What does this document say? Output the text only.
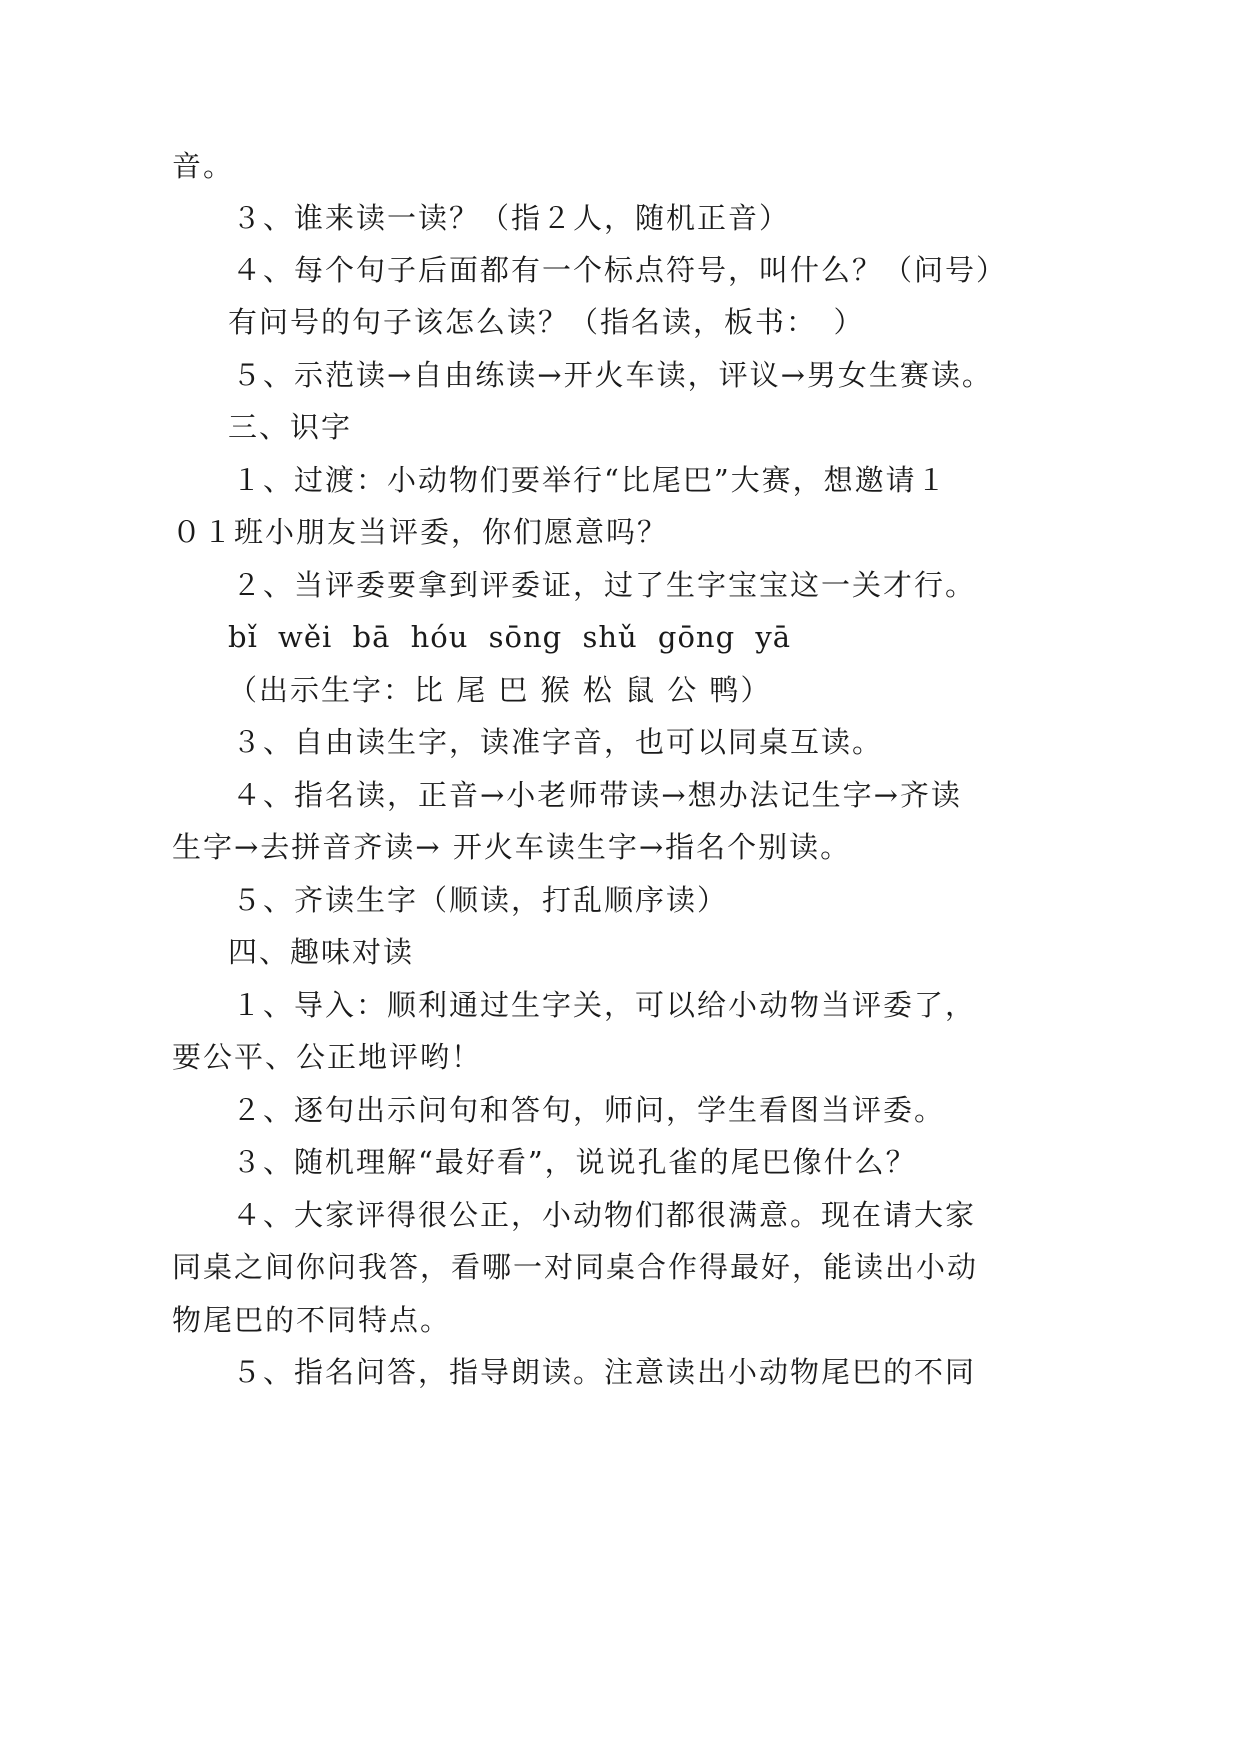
音。
３、谁来读一读？（指２人，随机正音）
４、每个句子后面都有一个标点符号，叫什么？（问号）
有问号的句子该怎么读？（指名读，板书：　）
５、示范读→自由练读→开火车读，评议→男女生赛读。
三、识字
１、过渡：小动物们要举行“比尾巴”大赛，想邀请１
０１班小朋友当评委，你们愿意吗？
２、当评委要拿到评委证，过了生字宝宝这一关才行。
bǐ wěi bā hóu sōng shǔ gōng yā
（出示生字：比 尾 巴 猴 松 鼠 公 鸭）
３、自由读生字，读准字音，也可以同桌互读。
４、指名读，正音→小老师带读→想办法记生字→齐读
生字→去拼音齐读→ 开火车读生字→指名个别读。
５、齐读生字（顺读，打乱顺序读）
四、趣味对读
１、导入：顺利通过生字关，可以给小动物当评委了，
要公平、公正地评哟！
２、逐句出示问句和答句，师问，学生看图当评委。
３、随机理解“最好看”，说说孔雀的尾巴像什么？
４、大家评得很公正，小动物们都很满意。现在请大家
同桌之间你问我答，看哪一对同桌合作得最好，能读出小动
物尾巴的不同特点。
５、指名问答，指导朗读。注意读出小动物尾巴的不同
